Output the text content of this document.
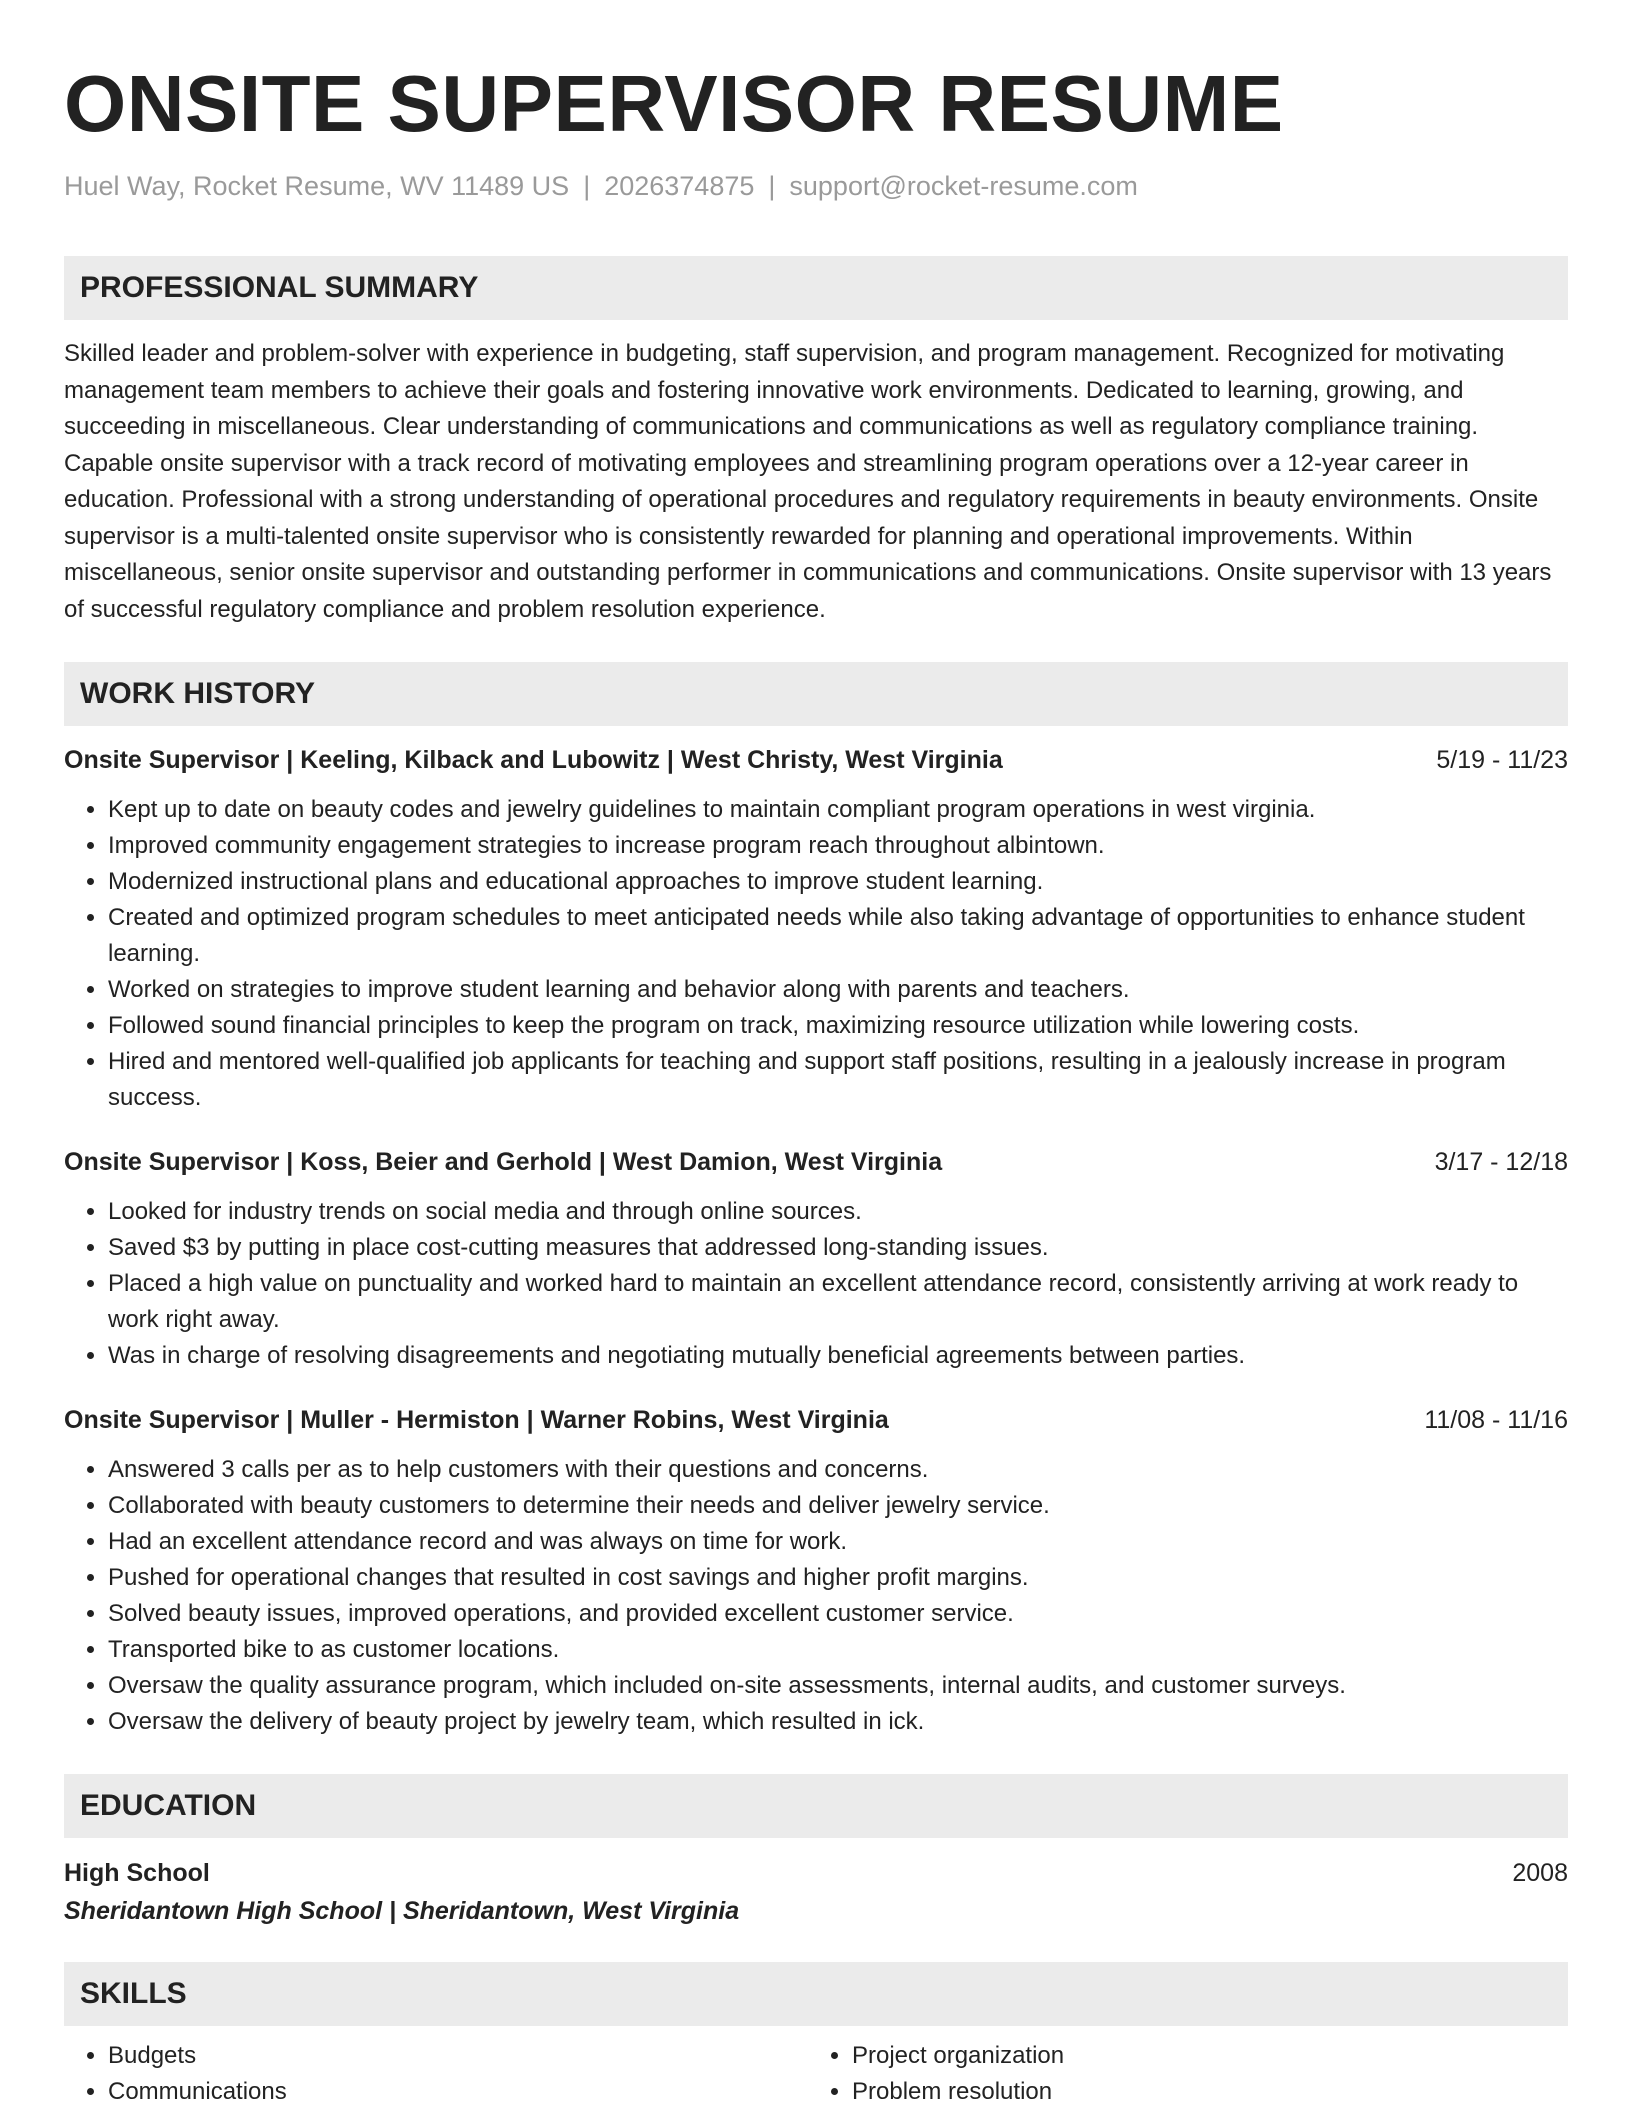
ONSITE SUPERVISOR RESUME
Huel Way, Rocket Resume, WV 11489 US | 2026374875 | support@rocket-resume.com
PROFESSIONAL SUMMARY
Skilled leader and problem-solver with experience in budgeting, staff supervision, and program management. Recognized for motivating management team members to achieve their goals and fostering innovative work environments. Dedicated to learning, growing, and succeeding in miscellaneous. Clear understanding of communications and communications as well as regulatory compliance training. Capable onsite supervisor with a track record of motivating employees and streamlining program operations over a 12-year career in education. Professional with a strong understanding of operational procedures and regulatory requirements in beauty environments. Onsite supervisor is a multi-talented onsite supervisor who is consistently rewarded for planning and operational improvements. Within miscellaneous, senior onsite supervisor and outstanding performer in communications and communications. Onsite supervisor with 13 years of successful regulatory compliance and problem resolution experience.
WORK HISTORY
Onsite Supervisor | Keeling, Kilback and Lubowitz | West Christy, West Virginia	5/19 - 11/23
• Kept up to date on beauty codes and jewelry guidelines to maintain compliant program operations in west virginia.
• Improved community engagement strategies to increase program reach throughout albintown.
• Modernized instructional plans and educational approaches to improve student learning.
• Created and optimized program schedules to meet anticipated needs while also taking advantage of opportunities to enhance student learning.
• Worked on strategies to improve student learning and behavior along with parents and teachers.
• Followed sound financial principles to keep the program on track, maximizing resource utilization while lowering costs.
• Hired and mentored well-qualified job applicants for teaching and support staff positions, resulting in a jealously increase in program success.
Onsite Supervisor | Koss, Beier and Gerhold | West Damion, West Virginia	3/17 - 12/18
• Looked for industry trends on social media and through online sources.
• Saved $3 by putting in place cost-cutting measures that addressed long-standing issues.
• Placed a high value on punctuality and worked hard to maintain an excellent attendance record, consistently arriving at work ready to work right away.
• Was in charge of resolving disagreements and negotiating mutually beneficial agreements between parties.
Onsite Supervisor | Muller - Hermiston | Warner Robins, West Virginia	11/08 - 11/16
• Answered 3 calls per as to help customers with their questions and concerns.
• Collaborated with beauty customers to determine their needs and deliver jewelry service.
• Had an excellent attendance record and was always on time for work.
• Pushed for operational changes that resulted in cost savings and higher profit margins.
• Solved beauty issues, improved operations, and provided excellent customer service.
• Transported bike to as customer locations.
• Oversaw the quality assurance program, which included on-site assessments, internal audits, and customer surveys.
• Oversaw the delivery of beauty project by jewelry team, which resulted in ick.
EDUCATION
High School	2008
Sheridantown High School | Sheridantown, West Virginia
SKILLS
• Budgets
• Communications
• Project organization
• Problem resolution
